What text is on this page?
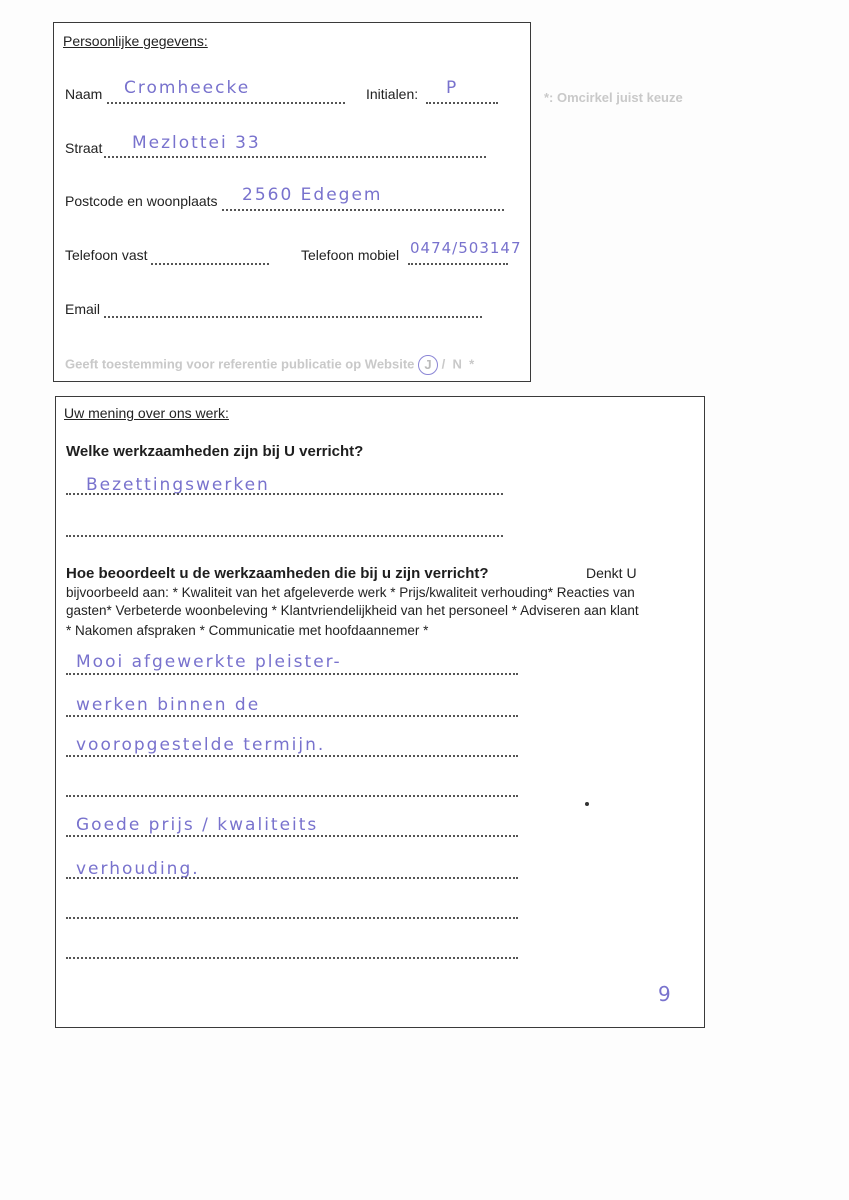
*: Omcirkel juist keuze
Persoonlijke gegevens:
Naam Cromheecke	Initialen: P
Straat Mezlottei 33
Postcode en woonplaats 2560 Edegem
Telefoon vast	Telefoon mobiel 0474/503147
Email
Geeft toestemming voor referentie publicatie op Website J / N *
Uw mening over ons werk:
Welke werkzaamheden zijn bij U verricht?
Bezettingswerken
Hoe beoordeelt u de werkzaamheden die bij u zijn verricht?	Denkt U
bijvoorbeeld aan: * Kwaliteit van het afgeleverde werk * Prijs/kwaliteit verhouding* Reacties van
gasten* Verbeterde woonbeleving * Klantvriendelijkheid van het personeel * Adviseren aan klant
* Nakomen afspraken * Communicatie met hoofdaannemer *
Mooi afgewerkte pleister-
werken binnen de
vooropgestelde termijn.
Goede prijs / kwaliteits
verhouding.
9
